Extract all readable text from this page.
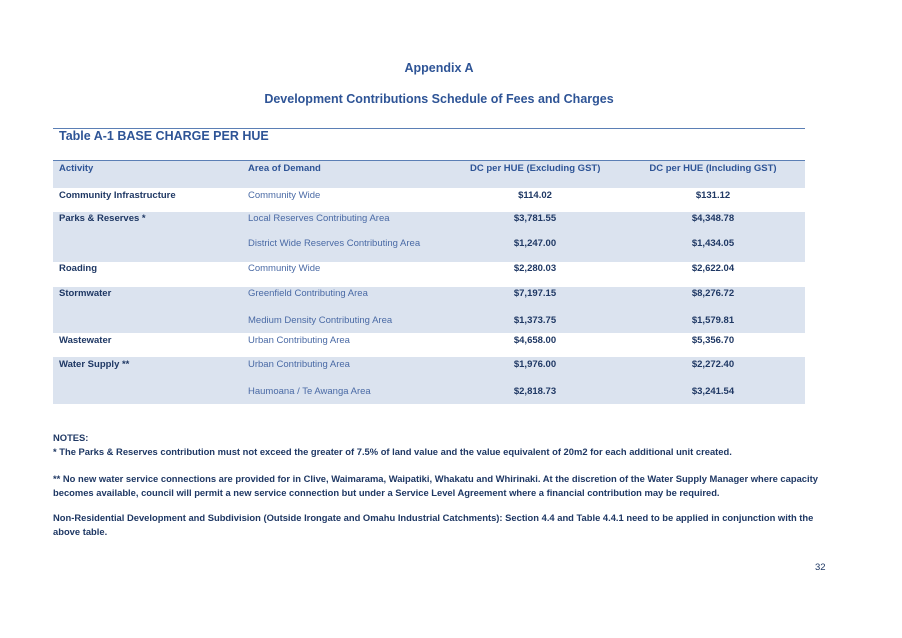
Appendix A
Development Contributions Schedule of Fees and Charges
Table A-1 BASE CHARGE PER HUE
Activity	Area of Demand	DC per HUE (Excluding GST)	DC per HUE (Including GST)
Community Infrastructure	Community Wide	$114.02	$131.12
Parks & Reserves *	Local Reserves Contributing Area	$3,781.55	$4,348.78
District Wide Reserves Contributing Area	$1,247.00	$1,434.05
Roading	Community Wide	$2,280.03	$2,622.04
Stormwater	Greenfield Contributing Area	$7,197.15	$8,276.72
Medium Density Contributing Area	$1,373.75	$1,579.81
Wastewater	Urban Contributing Area	$4,658.00	$5,356.70
Water Supply **	Urban Contributing Area	$1,976.00	$2,272.40
Haumoana / Te Awanga Area	$2,818.73	$3,241.54
NOTES:
* The Parks & Reserves contribution must not exceed the greater of 7.5% of land value and the value equivalent of 20m2 for each additional unit created.
** No new water service connections are provided for in Clive, Waimarama, Waipatiki, Whakatu and Whirinaki. At the discretion of the Water Supply Manager where capacity becomes available, council will permit a new service connection but under a Service Level Agreement where a financial contribution may be required.
Non-Residential Development and Subdivision (Outside Irongate and Omahu Industrial Catchments): Section 4.4 and Table 4.4.1 need to be applied in conjunction with the above table.
32
